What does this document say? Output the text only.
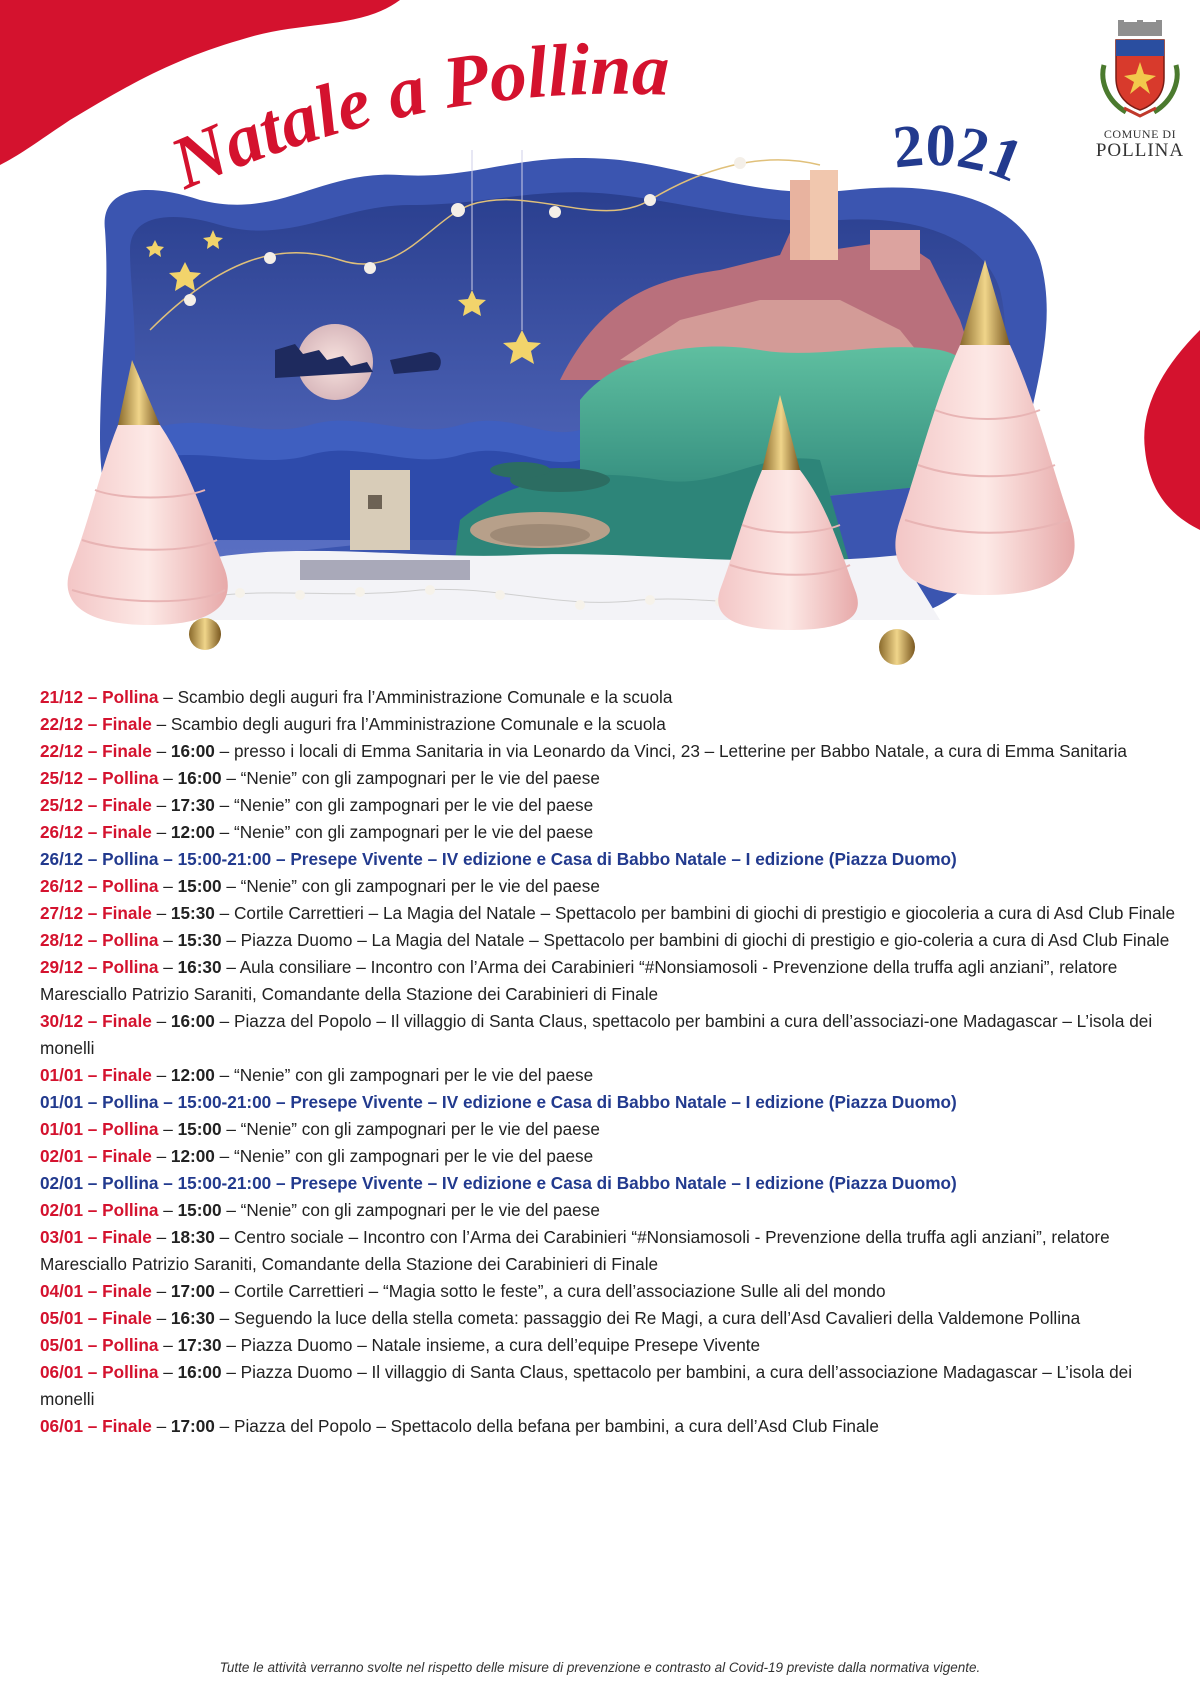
Natale a Pollina
2021	COMUNE DI
POLLINA
21/12 – Pollina – Scambio degli auguri fra l’Amministrazione Comunale e la scuola
22/12 – Finale – Scambio degli auguri fra l’Amministrazione Comunale e la scuola
22/12 – Finale – 16:00 – presso i locali di Emma Sanitaria in via Leonardo da Vinci, 23 – Letterine per Babbo Natale, a cura di Emma Sanitaria
25/12 – Pollina – 16:00 – “Nenie” con gli zampognari per le vie del paese
25/12 – Finale – 17:30 – “Nenie” con gli zampognari per le vie del paese
26/12 – Finale – 12:00 – “Nenie” con gli zampognari per le vie del paese
26/12 – Pollina – 15:00-21:00 – Presepe Vivente – IV edizione e Casa di Babbo Natale – I edizione (Piazza Duomo)
26/12 – Pollina – 15:00 – “Nenie” con gli zampognari per le vie del paese
27/12 – Finale – 15:30 – Cortile Carrettieri – La Magia del Natale – Spettacolo per bambini di giochi di prestigio e giocoleria a cura di Asd Club Finale
28/12 – Pollina – 15:30 – Piazza Duomo – La Magia del Natale – Spettacolo per bambini di giochi di prestigio e gio-coleria a cura di Asd Club Finale
29/12 – Pollina – 16:30 – Aula consiliare – Incontro con l’Arma dei Carabinieri “#Nonsiamosoli - Prevenzione della truffa agli anziani”, relatore Maresciallo Patrizio Saraniti, Comandante della Stazione dei Carabinieri di Finale
30/12 – Finale – 16:00 – Piazza del Popolo – Il villaggio di Santa Claus, spettacolo per bambini a cura dell’associazi-one Madagascar – L’isola dei monelli
01/01 – Finale – 12:00 – “Nenie” con gli zampognari per le vie del paese
01/01 – Pollina – 15:00-21:00 – Presepe Vivente – IV edizione e Casa di Babbo Natale – I edizione (Piazza Duomo)
01/01 – Pollina – 15:00 – “Nenie” con gli zampognari per le vie del paese
02/01 – Finale – 12:00 – “Nenie” con gli zampognari per le vie del paese
02/01 – Pollina – 15:00-21:00 – Presepe Vivente – IV edizione e Casa di Babbo Natale – I edizione (Piazza Duomo)
02/01 – Pollina – 15:00 – “Nenie” con gli zampognari per le vie del paese
03/01 – Finale – 18:30 – Centro sociale – Incontro con l’Arma dei Carabinieri “#Nonsiamosoli - Prevenzione della truffa agli anziani”, relatore Maresciallo Patrizio Saraniti, Comandante della Stazione dei Carabinieri di Finale
04/01 – Finale – 17:00 – Cortile Carrettieri – “Magia sotto le feste”, a cura dell’associazione Sulle ali del mondo
05/01 – Finale – 16:30 – Seguendo la luce della stella cometa: passaggio dei Re Magi, a cura dell’Asd Cavalieri della Valdemone Pollina
05/01 – Pollina – 17:30 – Piazza Duomo – Natale insieme, a cura dell’equipe Presepe Vivente
06/01 – Pollina – 16:00 – Piazza Duomo – Il villaggio di Santa Claus, spettacolo per bambini, a cura dell’associazione Madagascar – L’isola dei monelli
06/01 – Finale – 17:00 – Piazza del Popolo – Spettacolo della befana per bambini, a cura dell’Asd Club Finale
Tutte le attività verranno svolte nel rispetto delle misure di prevenzione e contrasto al Covid-19 previste dalla normativa vigente.
